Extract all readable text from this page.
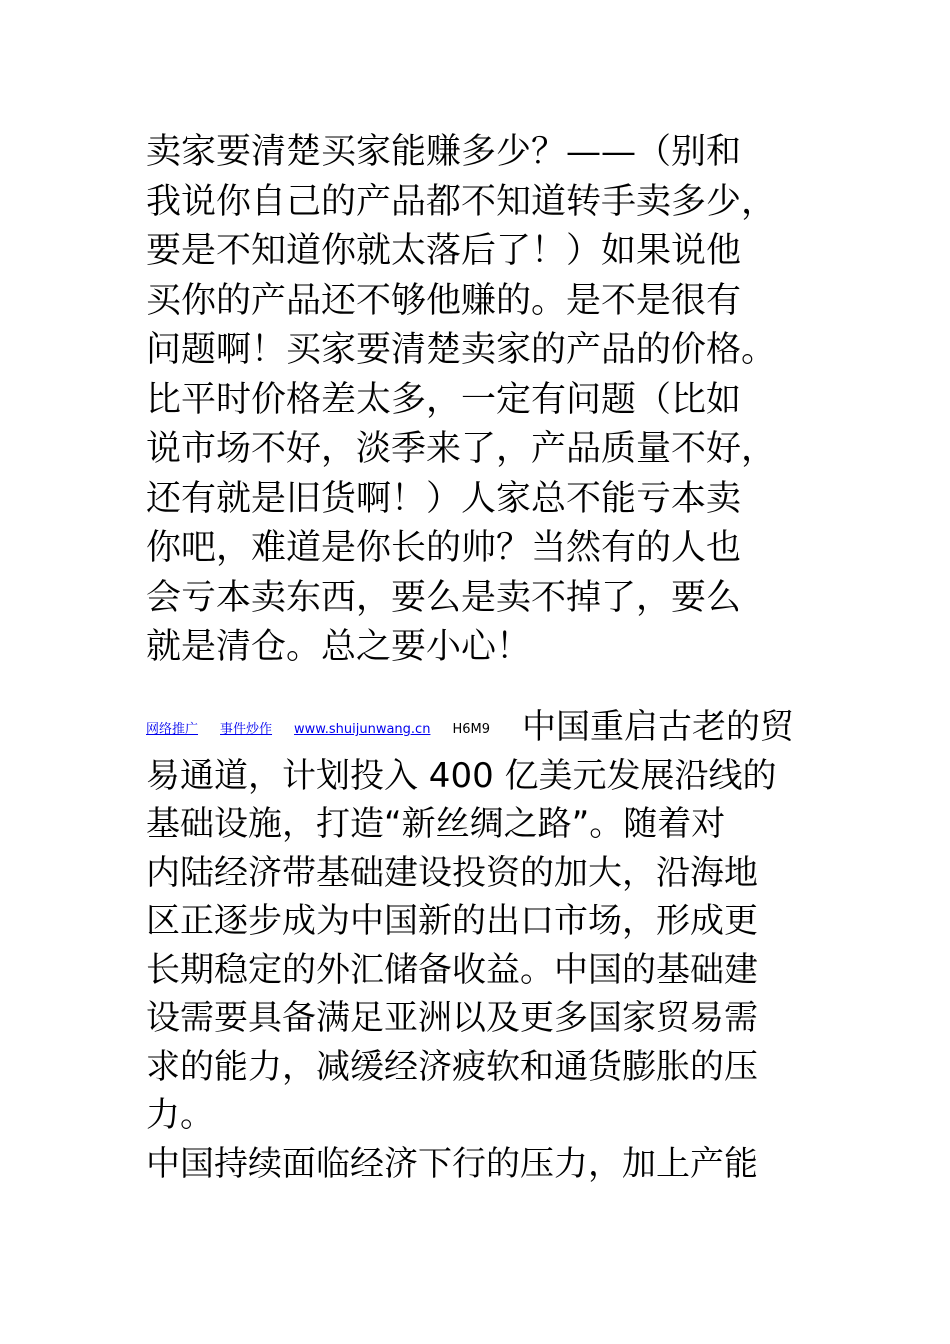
卖家要清楚买家能赚多少？——（别和
我说你自己的产品都不知道转手卖多少，
要是不知道你就太落后了！）如果说他
买你的产品还不够他赚的。是不是很有
问题啊！买家要清楚卖家的产品的价格。
比平时价格差太多，一定有问题（比如
说市场不好，淡季来了，产品质量不好，
还有就是旧货啊！）人家总不能亏本卖
你吧，难道是你长的帅？当然有的人也
会亏本卖东西，要么是卖不掉了，要么
就是清仓。总之要小心！
网络推广 事件炒作 www.shuijunwang.cn H6M9 中国重启古老的贸
易通道，计划投入 400 亿美元发展沿线的
基础设施，打造“新丝绸之路”。随着对
内陆经济带基础建设投资的加大，沿海地
区正逐步成为中国新的出口市场，形成更
长期稳定的外汇储备收益。中国的基础建
设需要具备满足亚洲以及更多国家贸易需
求的能力，减缓经济疲软和通货膨胀的压
力。
中国持续面临经济下行的压力，加上产能
